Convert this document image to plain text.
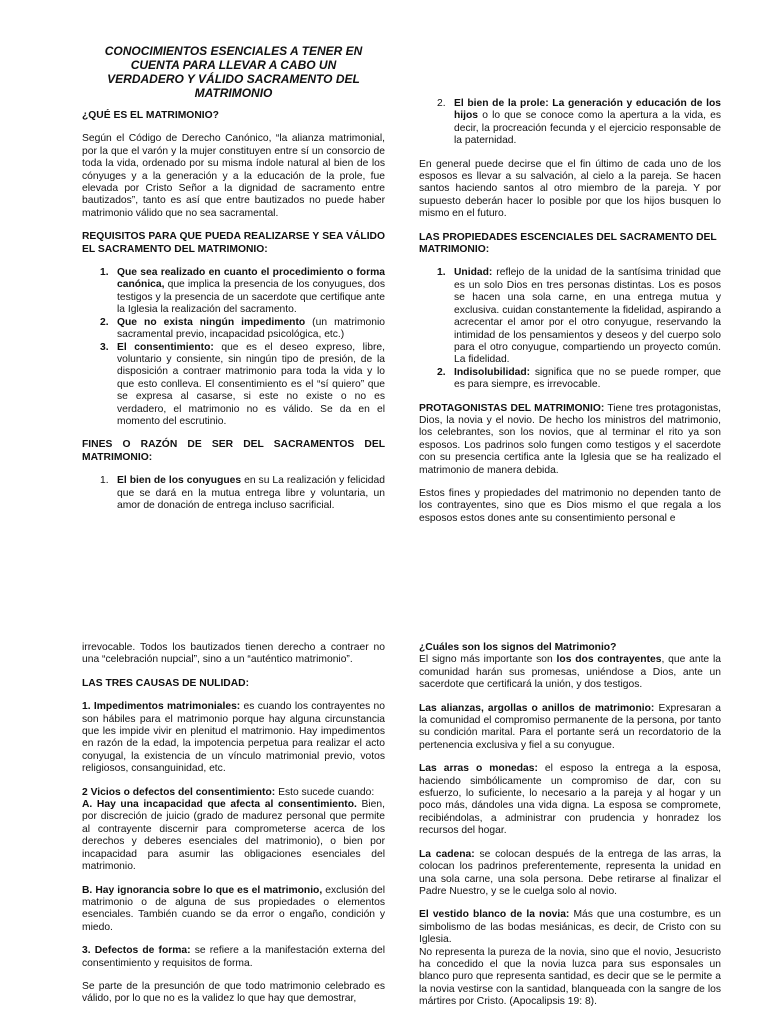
CONOCIMIENTOS ESENCIALES A TENER EN CUENTA PARA LLEVAR A CABO UN VERDADERO Y VÁLIDO SACRAMENTO DEL MATRIMONIO

¿QUÉ ES EL MATRIMONIO?

Según el Código de Derecho Canónico, “la alianza matrimonial, por la que el varón y la mujer constituyen entre sí un consorcio de toda la vida, ordenado por su misma índole natural al bien de los cónyuges y a la generación y a la educación de la prole, fue elevada por Cristo Señor a la dignidad de sacramento entre bautizados”, tanto es así que entre bautizados no puede haber matrimonio válido que no sea sacramental.

REQUISITOS PARA QUE PUEDA REALIZARSE Y SEA VÁLIDO EL SACRAMENTO DEL MATRIMONIO:

1. Que sea realizado en cuanto el procedimiento o forma canónica, que implica la presencia de los conyugues, dos testigos y la presencia de un sacerdote que certifique ante la Iglesia la realización del sacramento.
2. Que no exista ningún impedimento (un matrimonio sacramental previo, incapacidad psicológica, etc.)
3. El consentimiento: que es el deseo expreso, libre, voluntario y consiente, sin ningún tipo de presión, de la disposición a contraer matrimonio para toda la vida y lo que esto conlleva. El consentimiento es el “sí quiero” que se expresa al casarse, si este no existe o no es verdadero, el matrimonio no es válido. Se da en el momento del escrutinio.

FINES O RAZÓN DE SER DEL SACRAMENTOS DEL MATRIMONIO:

1. El bien de los conyugues en su La realización y felicidad que se dará en la mutua entrega libre y voluntaria, un amor de donación de entrega incluso sacrificial.
2. El bien de la prole: La generación y educación de los hijos o lo que se conoce como la apertura a la vida, es decir, la procreación fecunda y el ejercicio responsable de la paternidad.

En general puede decirse que el fin último de cada uno de los esposos es llevar a su salvación, al cielo a la pareja. Se hacen santos haciendo santos al otro miembro de la pareja. Y por supuesto deberán hacer lo posible por que los hijos busquen lo mismo en el futuro.

LAS PROPIEDADES ESCENCIALES DEL SACRAMENTO DEL MATRIMONIO:

1. Unidad: reflejo de la unidad de la santísima trinidad que es un solo Dios en tres personas distintas. Los es posos se hacen una sola carne, en una entrega mutua y exclusiva. cuidan constantemente la fidelidad, aspirando a acrecentar el amor por el otro conyugue, reservando la intimidad de los pensamientos y deseos y del cuerpo solo para el otro conyugue, compartiendo un proyecto común. La fidelidad.
2. Indisolubilidad: significa que no se puede romper, que es para siempre, es irrevocable.

PROTAGONISTAS DEL MATRIMONIO: Tiene tres protagonistas, Dios, la novia y el novio. De hecho los ministros del matrimonio, los celebrantes, son los novios, que al terminar el rito ya son esposos. Los padrinos solo fungen como testigos y el sacerdote con su presencia certifica ante la Iglesia que se ha realizado el matrimonio de manera debida.

Estos fines y propiedades del matrimonio no dependen tanto de los contrayentes, sino que es Dios mismo el que regala a los esposos estos dones ante su consentimiento personal e

irrevocable. Todos los bautizados tienen derecho a contraer no una “celebración nupcial”, sino a un “auténtico matrimonio”.

LAS TRES CAUSAS DE NULIDAD:

1. Impedimentos matrimoniales: es cuando los contrayentes no son hábiles para el matrimonio porque hay alguna circunstancia que les impide vivir en plenitud el matrimonio. Hay impedimentos en razón de la edad, la impotencia perpetua para realizar el acto conyugal, la existencia de un vínculo matrimonial previo, votos religiosos, consanguinidad, etc.

2 Vicios o defectos del consentimiento: Esto sucede cuando:

A. Hay una incapacidad que afecta al consentimiento. Bien, por discreción de juicio (grado de madurez personal que permite al contrayente discernir para comprometerse acerca de los derechos y deberes esenciales del matrimonio), o bien por incapacidad para asumir las obligaciones esenciales del matrimonio.

B. Hay ignorancia sobre lo que es el matrimonio, exclusión del matrimonio o de alguna de sus propiedades o elementos esenciales. También cuando se da error o engaño, condición y miedo.

3. Defectos de forma: se refiere a la manifestación externa del consentimiento y requisitos de forma.

Se parte de la presunción de que todo matrimonio celebrado es válido, por lo que no es la validez lo que hay que demostrar,

¿Cuáles son los signos del Matrimonio?

El signo más importante son los dos contrayentes, que ante la comunidad harán sus promesas, uniéndose a Dios, ante un sacerdote que certificará la unión, y dos testigos.

Las alianzas, argollas o anillos de matrimonio: Expresaran a la comunidad el compromiso permanente de la persona, por tanto su condición marital. Para el portante será un recordatorio de la pertenencia exclusiva y fiel a su conyugue.

Las arras o monedas: el esposo la entrega a la esposa, haciendo simbólicamente un compromiso de dar, con su esfuerzo, lo suficiente, lo necesario a la pareja y al hogar y un poco más, dándoles una vida digna. La esposa se compromete, recibiéndolas, a administrar con prudencia y honradez los recursos del hogar.

La cadena: se colocan después de la entrega de las arras, la colocan los padrinos preferentemente, representa la unidad en una sola carne, una sola persona. Debe retirarse al finalizar el Padre Nuestro, y se le cuelga solo al novio.

El vestido blanco de la novia: Más que una costumbre, es un simbolismo de las bodas mesiánicas, es decir, de Cristo con su Iglesia.

No representa la pureza de la novia, sino que el novio, Jesucristo ha concedido el que la novia luzca para sus esponsales un blanco puro que representa santidad, es decir que se le permite a la novia vestirse con la santidad, blanqueada con la sangre de los mártires por Cristo. (Apocalipsis 19: 8).
